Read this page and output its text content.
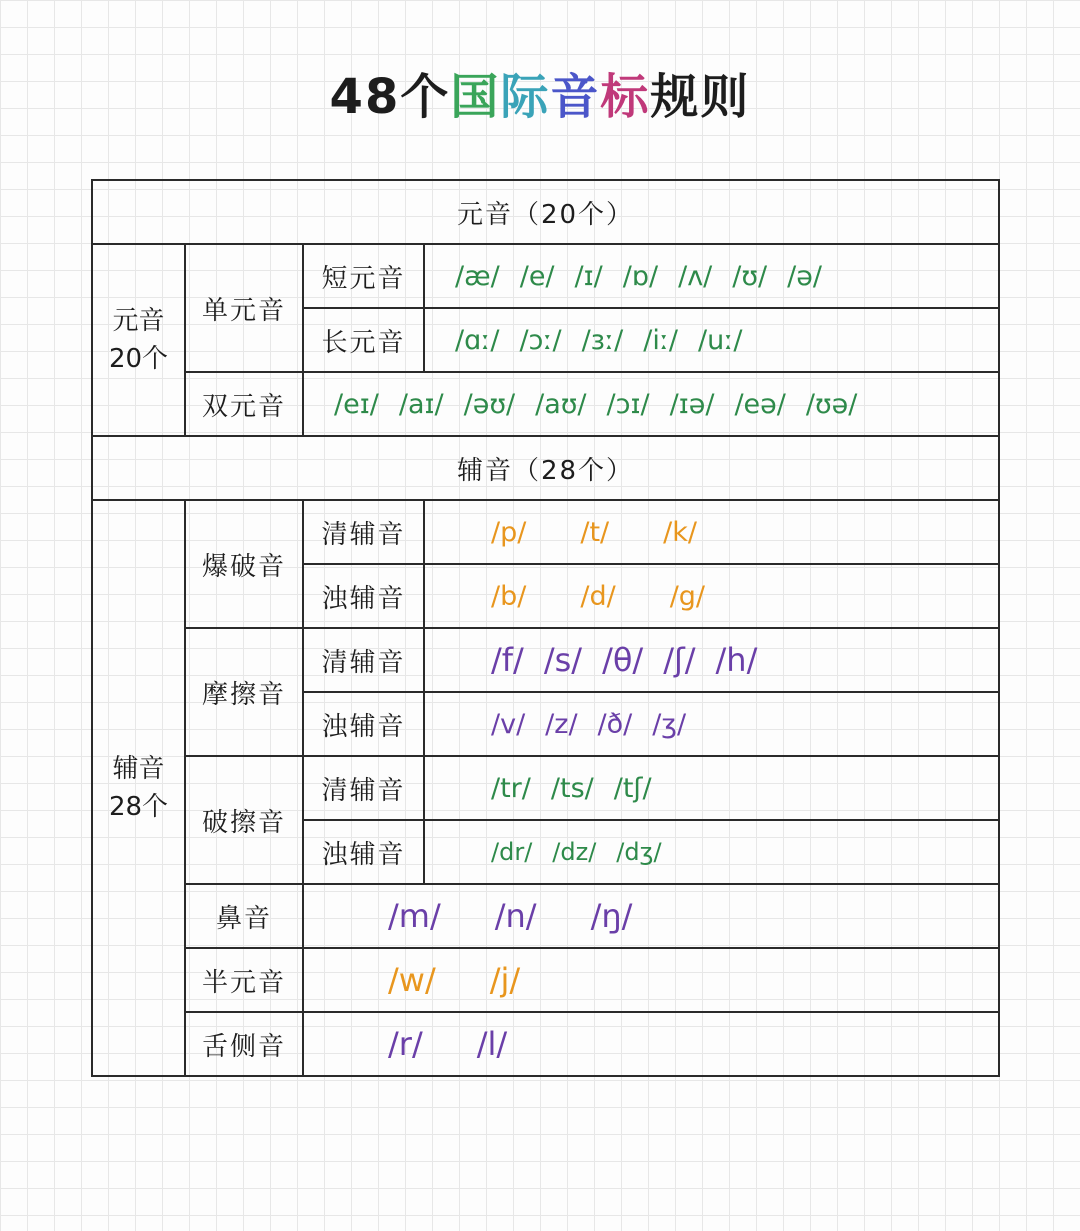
48个国际音标规则
元音（20个）			

元音
20个	单元音	短元音	/æ/ /e/ /ɪ/ /ɒ/ /ʌ/ /ʊ/ /ə/
		长元音	/ɑː/ /ɔː/ /ɜː/ /iː/ /uː/
	双元音	/eɪ/ /aɪ/ /əʊ/ /aʊ/ /ɔɪ/ /ɪə/ /eə/ /ʊə/	
辅音（28个）			

辅音
28个	爆破音	清辅音	/p/ /t/ /k/
		浊辅音	/b/ /d/ /g/
	摩擦音	清辅音	/f/ /s/ /θ/ /ʃ/ /h/
		浊辅音	/v/ /z/ /ð/ /ʒ/
	破擦音	清辅音	/tr/ /ts/ /tʃ/
		浊辅音	/dr/ /dz/ /dʒ/
	鼻音	/m/ /n/ /ŋ/	
	半元音	/w/ /j/	
	舌侧音	/r/ /l/	
